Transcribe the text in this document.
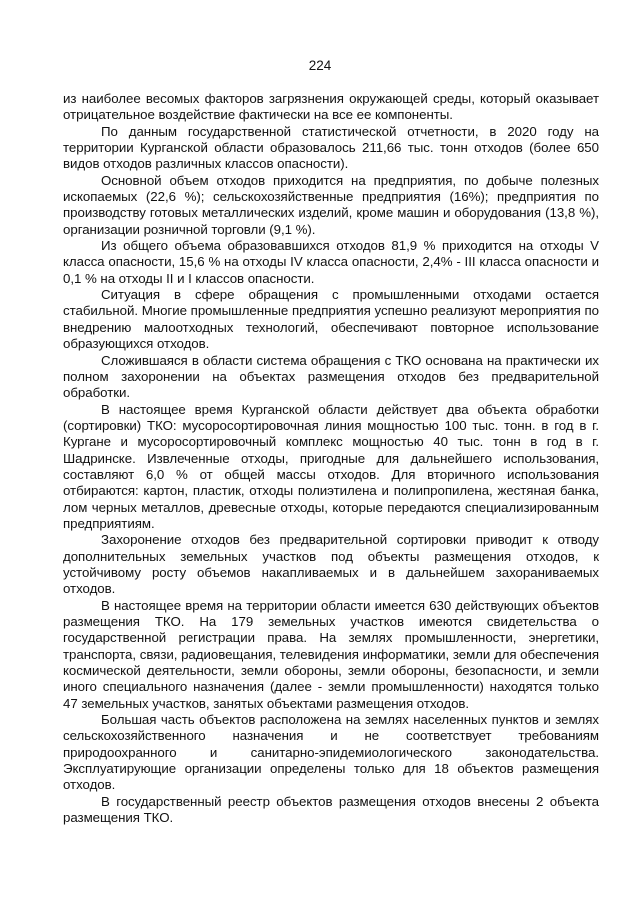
224

из наиболее весомых факторов загрязнения окружающей среды, который оказывает отрицательное воздействие фактически на все ее компоненты.

По данным государственной статистической отчетности, в 2020 году на территории Курганской области образовалось 211,66 тыс. тонн отходов (более 650 видов отходов различных классов опасности).

Основной объем отходов приходится на предприятия, по добыче полезных ископаемых (22,6 %); сельскохозяйственные предприятия (16%); предприятия по производству готовых металлических изделий, кроме машин и оборудования (13,8 %), организации розничной торговли (9,1 %).

Из общего объема образовавшихся отходов 81,9 % приходится на отходы V класса опасности, 15,6 % на отходы IV класса опасности, 2,4% - III класса опасности и 0,1 % на отходы II и I классов опасности.

Ситуация в сфере обращения с промышленными отходами остается стабильной. Многие промышленные предприятия успешно реализуют мероприятия по внедрению малоотходных технологий, обеспечивают повторное использование образующихся отходов.

Сложившаяся в области система обращения с ТКО основана на практически их полном захоронении на объектах размещения отходов без предварительной обработки.

В настоящее время Курганской области действует два объекта обработки (сортировки) ТКО: мусоросортировочная линия мощностью 100 тыс. тонн. в год в г. Кургане и мусоросортировочный комплекс мощностью 40 тыс. тонн в год в г. Шадринске. Извлеченные отходы, пригодные для дальнейшего использования, составляют 6,0 % от общей массы отходов. Для вторичного использования отбираются: картон, пластик, отходы полиэтилена и полипропилена, жестяная банка, лом черных металлов, древесные отходы, которые передаются специализированным предприятиям.

Захоронение отходов без предварительной сортировки приводит к отводу дополнительных земельных участков под объекты размещения отходов, к устойчивому росту объемов накапливаемых и в дальнейшем захораниваемых отходов.

В настоящее время на территории области имеется 630 действующих объектов размещения ТКО. На 179 земельных участков имеются свидетельства о государственной регистрации права. На землях промышленности, энергетики, транспорта, связи, радиовещания, телевидения информатики, земли для обеспечения космической деятельности, земли обороны, земли обороны, безопасности, и земли иного специального назначения (далее - земли промышленности) находятся только 47 земельных участков, занятых объектами размещения отходов.

Большая часть объектов расположена на землях населенных пунктов и землях сельскохозяйственного назначения и не соответствует требованиям природоохранного и санитарно-эпидемиологического законодательства. Эксплуатирующие организации определены только для 18 объектов размещения отходов.

В государственный реестр объектов размещения отходов внесены 2 объекта размещения ТКО.
